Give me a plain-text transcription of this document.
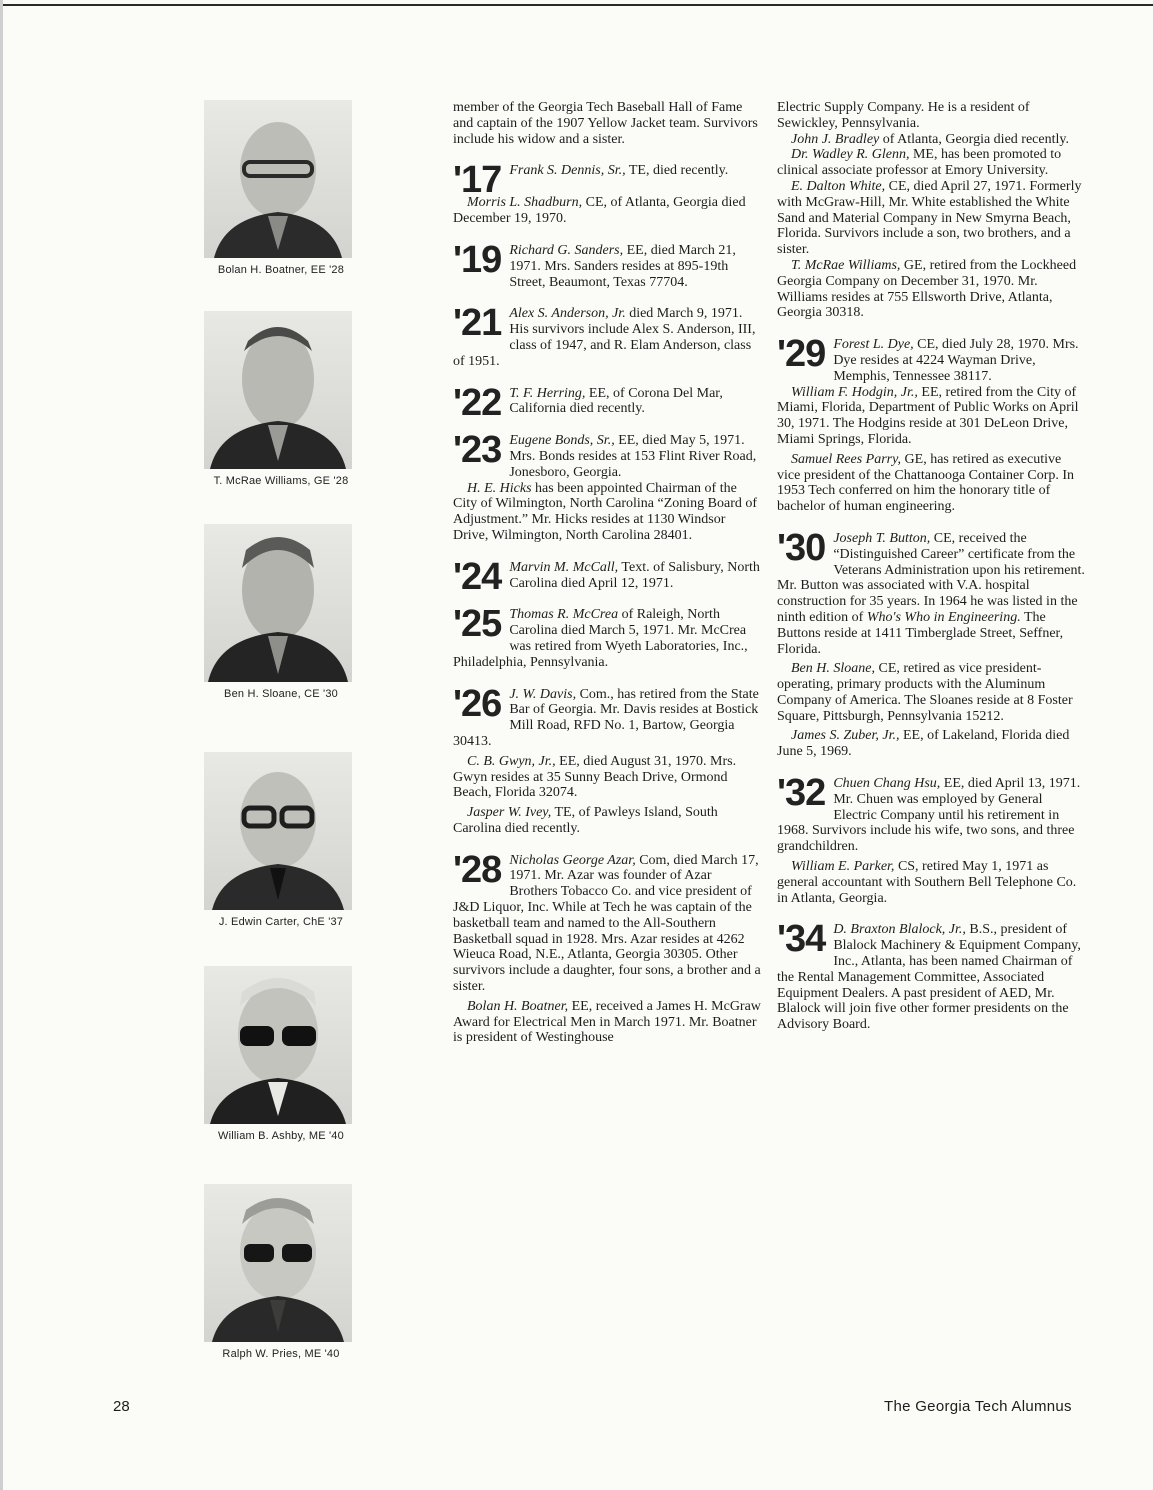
Bolan H. Boatner, EE '28
T. McRae Williams, GE '28
Ben H. Sloane, CE '30
J. Edwin Carter, ChE '37
William B. Ashby, ME '40
Ralph W. Pries, ME '40

member of the Georgia Tech Baseball Hall of Fame and captain of the 1907 Yellow Jacket team. Survivors include his widow and a sister.

'17 Frank S. Dennis, Sr., TE, died recently.

Morris L. Shadburn, CE, of Atlanta, Georgia died December 19, 1970.

'19 Richard G. Sanders, EE, died March 21, 1971. Mrs. Sanders resides at 895-19th Street, Beaumont, Texas 77704.

'21 Alex S. Anderson, Jr. died March 9, 1971. His survivors include Alex S. Anderson, III, class of 1947, and R. Elam Anderson, class of 1951.

'22 T. F. Herring, EE, of Corona Del Mar, California died recently.

'23 Eugene Bonds, Sr., EE, died May 5, 1971. Mrs. Bonds resides at 153 Flint River Road, Jonesboro, Georgia.

H. E. Hicks has been appointed Chairman of the City of Wilmington, North Carolina “Zoning Board of Adjustment.” Mr. Hicks resides at 1130 Windsor Drive, Wilmington, North Carolina 28401.

'24 Marvin M. McCall, Text. of Salisbury, North Carolina died April 12, 1971.

'25 Thomas R. McCrea of Raleigh, North Carolina died March 5, 1971. Mr. McCrea was retired from Wyeth Laboratories, Inc., Philadelphia, Pennsylvania.

'26 J. W. Davis, Com., has retired from the State Bar of Georgia. Mr. Davis resides at Bostick Mill Road, RFD No. 1, Bartow, Georgia 30413.

C. B. Gwyn, Jr., EE, died August 31, 1970. Mrs. Gwyn resides at 35 Sunny Beach Drive, Ormond Beach, Florida 32074.

Jasper W. Ivey, TE, of Pawleys Island, South Carolina died recently.

'28 Nicholas George Azar, Com, died March 17, 1971. Mr. Azar was founder of Azar Brothers Tobacco Co. and vice president of J&D Liquor, Inc. While at Tech he was captain of the basketball team and named to the All-Southern Basketball squad in 1928. Mrs. Azar resides at 4262 Wieuca Road, N.E., Atlanta, Georgia 30305. Other survivors include a daughter, four sons, a brother and a sister.

Bolan H. Boatner, EE, received a James H. McGraw Award for Electrical Men in March 1971. Mr. Boatner is president of Westinghouse

Electric Supply Company. He is a resident of Sewickley, Pennsylvania.

John J. Bradley of Atlanta, Georgia died recently.

Dr. Wadley R. Glenn, ME, has been promoted to clinical associate professor at Emory University.

E. Dalton White, CE, died April 27, 1971. Formerly with McGraw-Hill, Mr. White established the White Sand and Material Company in New Smyrna Beach, Florida. Survivors include a son, two brothers, and a sister.

T. McRae Williams, GE, retired from the Lockheed Georgia Company on December 31, 1970. Mr. Williams resides at 755 Ellsworth Drive, Atlanta, Georgia 30318.

'29 Forest L. Dye, CE, died July 28, 1970. Mrs. Dye resides at 4224 Wayman Drive, Memphis, Tennessee 38117.

William F. Hodgin, Jr., EE, retired from the City of Miami, Florida, Department of Public Works on April 30, 1971. The Hodgins reside at 301 DeLeon Drive, Miami Springs, Florida.

Samuel Rees Parry, GE, has retired as executive vice president of the Chattanooga Container Corp. In 1953 Tech conferred on him the honorary title of bachelor of human engineering.

'30 Joseph T. Button, CE, received the “Distinguished Career” certificate from the Veterans Administration upon his retirement. Mr. Button was associated with V.A. hospital construction for 35 years. In 1964 he was listed in the ninth edition of Who's Who in Engineering. The Buttons reside at 1411 Timberglade Street, Seffner, Florida.

Ben H. Sloane, CE, retired as vice president-operating, primary products with the Aluminum Company of America. The Sloanes reside at 8 Foster Square, Pittsburgh, Pennsylvania 15212.

James S. Zuber, Jr., EE, of Lakeland, Florida died June 5, 1969.

'32 Chuen Chang Hsu, EE, died April 13, 1971. Mr. Chuen was employed by General Electric Company until his retirement in 1968. Survivors include his wife, two sons, and three grandchildren.

William E. Parker, CS, retired May 1, 1971 as general accountant with Southern Bell Telephone Co. in Atlanta, Georgia.

'34 D. Braxton Blalock, Jr., B.S., president of Blalock Machinery & Equipment Company, Inc., Atlanta, has been named Chairman of the Rental Management Committee, Associated Equipment Dealers. A past president of AED, Mr. Blalock will join five other former presidents on the Advisory Board.

28	The Georgia Tech Alumnus
